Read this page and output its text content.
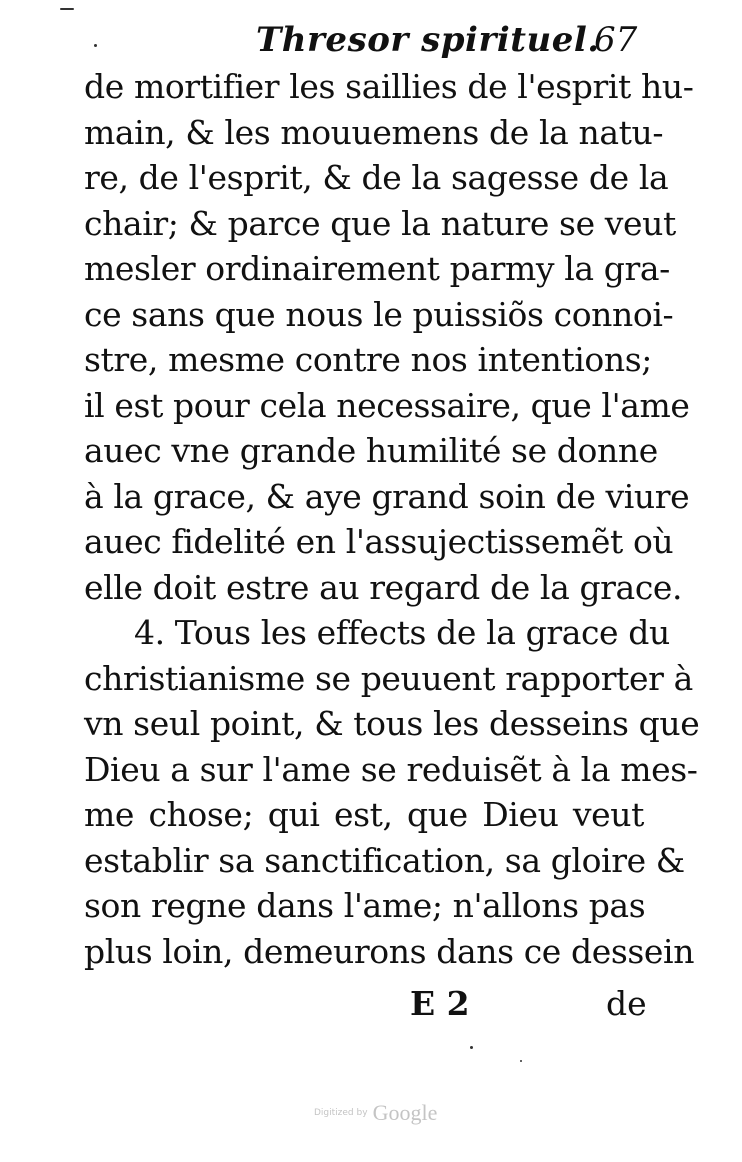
Thresor spirituel.
67
de mortifier les saillies de l'esprit hu-
main, & les mouuemens de la natu-
re, de l'esprit, & de la sagesse de la
chair; & parce que la nature se veut
mesler ordinairement parmy la gra-
ce sans que nous le puissiõs connoi-
stre, mesme contre nos intentions;
il est pour cela necessaire, que l'ame
auec vne grande humilité se donne
à la grace, & aye grand soin de viure
auec fidelité en l'assujectissemẽt où
elle doit estre au regard de la grace.
4. Tous les effects de la grace du
christianisme se peuuent rapporter à
vn seul point, & tous les desseins que
Dieu a sur l'ame se reduisẽt à la mes-
me chose; qui est, que Dieu veut
establir sa sanctification, sa gloire &
son regne dans l'ame; n'allons pas
plus loin, demeurons dans ce dessein
E 2	de
Digitized by Google
